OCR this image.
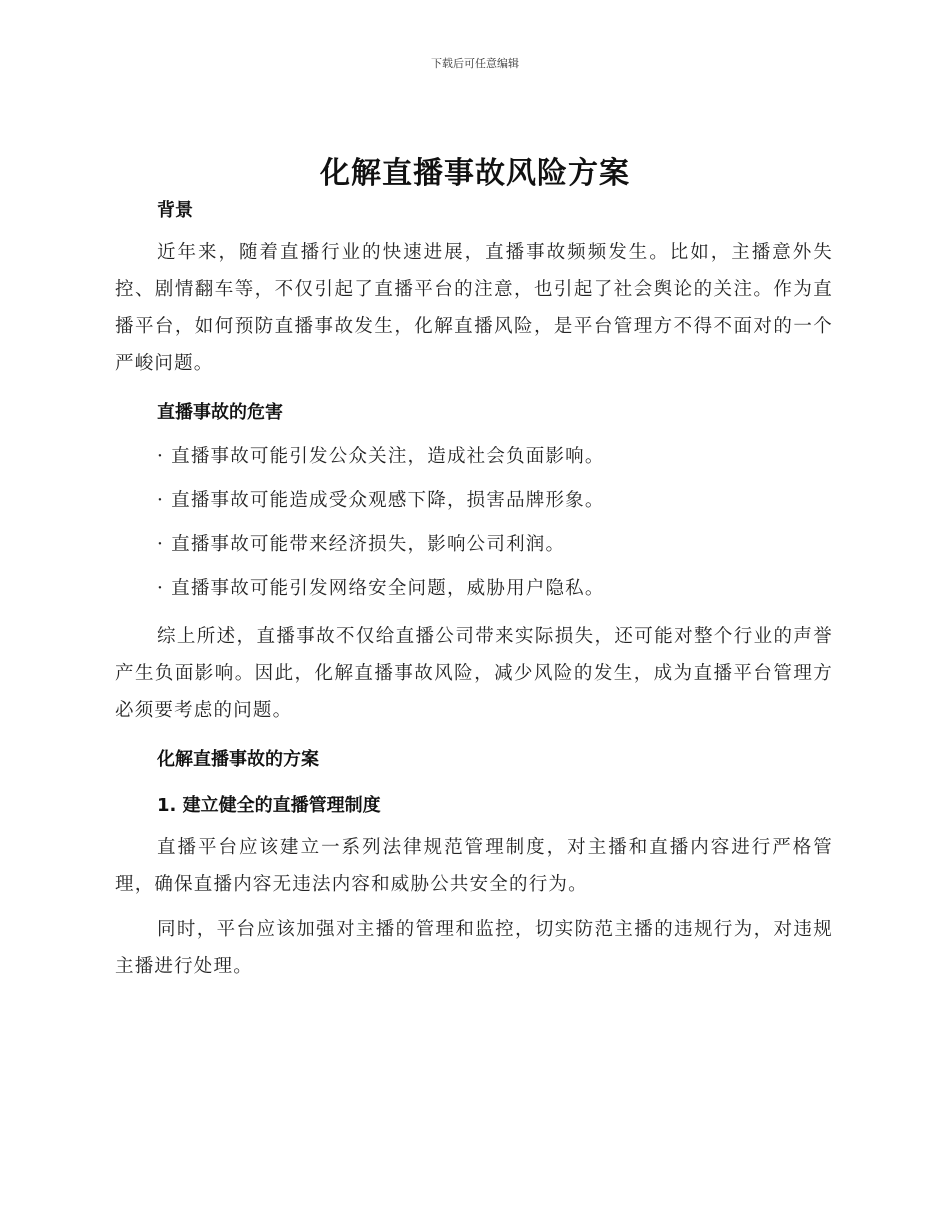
下载后可任意编辑
化解直播事故风险方案

背景

近年来，随着直播行业的快速进展，直播事故频频发生。比如，主播意外失控、剧情翻车等，不仅引起了直播平台的注意，也引起了社会舆论的关注。作为直播平台，如何预防直播事故发生，化解直播风险，是平台管理方不得不面对的一个严峻问题。

直播事故的危害

· 直播事故可能引发公众关注，造成社会负面影响。

· 直播事故可能造成受众观感下降，损害品牌形象。

· 直播事故可能带来经济损失，影响公司利润。

· 直播事故可能引发网络安全问题，威胁用户隐私。

综上所述，直播事故不仅给直播公司带来实际损失，还可能对整个行业的声誉产生负面影响。因此，化解直播事故风险，减少风险的发生，成为直播平台管理方必须要考虑的问题。

化解直播事故的方案

1. 建立健全的直播管理制度

直播平台应该建立一系列法律规范管理制度，对主播和直播内容进行严格管理，确保直播内容无违法内容和威胁公共安全的行为。

同时，平台应该加强对主播的管理和监控，切实防范主播的违规行为，对违规主播进行处理。
